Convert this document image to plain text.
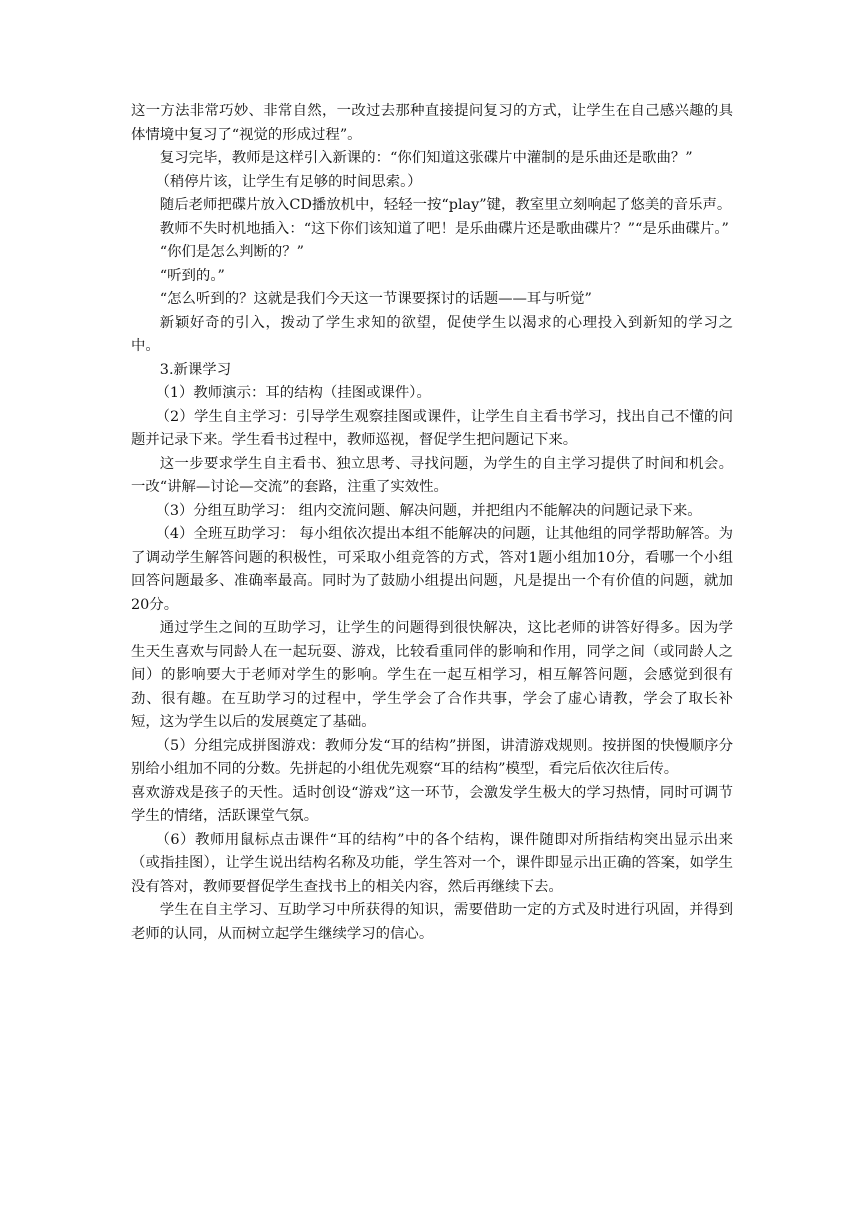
这一方法非常巧妙、非常自然，一改过去那种直接提问复习的方式，让学生在自己感兴趣的具体情境中复习了“视觉的形成过程”。

复习完毕，教师是这样引入新课的：“你们知道这张碟片中灌制的是乐曲还是歌曲？”

（稍停片该，让学生有足够的时间思索。）

随后老师把碟片放入CD播放机中，轻轻一按“play”键，教室里立刻响起了悠美的音乐声。

教师不失时机地插入：“这下你们该知道了吧！是乐曲碟片还是歌曲碟片？”“是乐曲碟片。”

“你们是怎么判断的？”

“听到的。”

“怎么听到的？这就是我们今天这一节课要探讨的话题——耳与听觉”

新颖好奇的引入，拨动了学生求知的欲望，促使学生以渴求的心理投入到新知的学习之中。

3.新课学习

（1）教师演示：耳的结构（挂图或课件）。

（2）学生自主学习：引导学生观察挂图或课件，让学生自主看书学习，找出自己不懂的问题并记录下来。学生看书过程中，教师巡视，督促学生把问题记下来。

这一步要求学生自主看书、独立思考、寻找问题，为学生的自主学习提供了时间和机会。一改“讲解—讨论—交流”的套路，注重了实效性。

（3）分组互助学习： 组内交流问题、解决问题，并把组内不能解决的问题记录下来。

（4）全班互助学习： 每小组依次提出本组不能解决的问题，让其他组的同学帮助解答。为了调动学生解答问题的积极性，可采取小组竞答的方式，答对1题小组加10分，看哪一个小组回答问题最多、准确率最高。同时为了鼓励小组提出问题，凡是提出一个有价值的问题，就加20分。

通过学生之间的互助学习，让学生的问题得到很快解决，这比老师的讲答好得多。因为学生天生喜欢与同龄人在一起玩耍、游戏，比较看重同伴的影响和作用，同学之间（或同龄人之间）的影响要大于老师对学生的影响。学生在一起互相学习，相互解答问题，会感觉到很有劲、很有趣。在互助学习的过程中，学生学会了合作共事，学会了虚心请教，学会了取长补短，这为学生以后的发展奠定了基础。

（5）分组完成拼图游戏：教师分发“耳的结构”拼图，讲清游戏规则。按拼图的快慢顺序分别给小组加不同的分数。先拼起的小组优先观察“耳的结构”模型，看完后依次往后传。

喜欢游戏是孩子的天性。适时创设“游戏”这一环节，会激发学生极大的学习热情，同时可调节学生的情绪，活跃课堂气氛。

（6）教师用鼠标点击课件“耳的结构”中的各个结构，课件随即对所指结构突出显示出来（或指挂图），让学生说出结构名称及功能，学生答对一个，课件即显示出正确的答案，如学生没有答对，教师要督促学生查找书上的相关内容，然后再继续下去。

学生在自主学习、互助学习中所获得的知识，需要借助一定的方式及时进行巩固，并得到老师的认同，从而树立起学生继续学习的信心。
